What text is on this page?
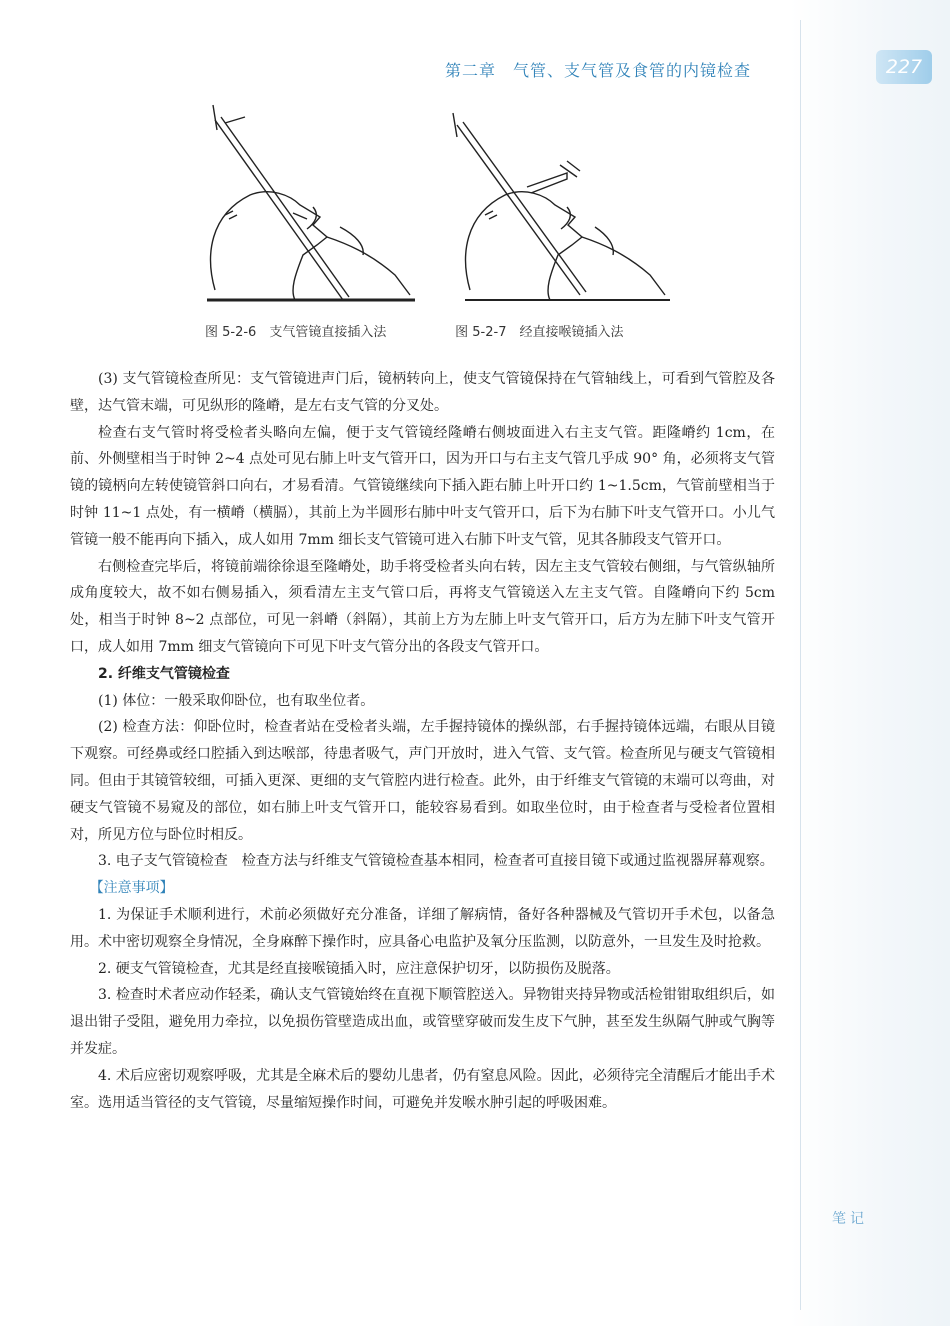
第二章　气管、支气管及食管的内镜检查	227
图 5-2-6　支气管镜直接插入法	图 5-2-7　经直接喉镜插入法

(3) 支气管镜检查所见：支气管镜进声门后，镜柄转向上，使支气管镜保持在气管轴线上，可看到气管腔及各壁，达气管末端，可见纵形的隆嵴，是左右支气管的分叉处。

检查右支气管时将受检者头略向左偏，便于支气管镜经隆嵴右侧坡面进入右主支气管。距隆嵴约 1cm，在前、外侧壁相当于时钟 2~4 点处可见右肺上叶支气管开口，因为开口与右主支气管几乎成 90° 角，必须将支气管镜的镜柄向左转使镜管斜口向右，才易看清。气管镜继续向下插入距右肺上叶开口约 1~1.5cm，气管前壁相当于时钟 11~1 点处，有一横嵴（横膈），其前上为半圆形右肺中叶支气管开口，后下为右肺下叶支气管开口。小儿气管镜一般不能再向下插入，成人如用 7mm 细长支气管镜可进入右肺下叶支气管，见其各肺段支气管开口。

右侧检查完毕后，将镜前端徐徐退至隆嵴处，助手将受检者头向右转，因左主支气管较右侧细，与气管纵轴所成角度较大，故不如右侧易插入，须看清左主支气管口后，再将支气管镜送入左主支气管。自隆嵴向下约 5cm 处，相当于时钟 8~2 点部位，可见一斜嵴（斜隔），其前上方为左肺上叶支气管开口，后方为左肺下叶支气管开口，成人如用 7mm 细支气管镜向下可见下叶支气管分出的各段支气管开口。

2. 纤维支气管镜检查

(1) 体位：一般采取仰卧位，也有取坐位者。

(2) 检查方法：仰卧位时，检查者站在受检者头端，左手握持镜体的操纵部，右手握持镜体远端，右眼从目镜下观察。可经鼻或经口腔插入到达喉部，待患者吸气，声门开放时，进入气管、支气管。检查所见与硬支气管镜相同。但由于其镜管较细，可插入更深、更细的支气管腔内进行检查。此外，由于纤维支气管镜的末端可以弯曲，对硬支气管镜不易窥及的部位，如右肺上叶支气管开口，能较容易看到。如取坐位时，由于检查者与受检者位置相对，所见方位与卧位时相反。

3. 电子支气管镜检查　检查方法与纤维支气管镜检查基本相同，检查者可直接目镜下或通过监视器屏幕观察。

【注意事项】

1. 为保证手术顺利进行，术前必须做好充分准备，详细了解病情，备好各种器械及气管切开手术包，以备急用。术中密切观察全身情况，全身麻醉下操作时，应具备心电监护及氧分压监测，以防意外，一旦发生及时抢救。

2. 硬支气管镜检查，尤其是经直接喉镜插入时，应注意保护切牙，以防损伤及脱落。

3. 检查时术者应动作轻柔，确认支气管镜始终在直视下顺管腔送入。异物钳夹持异物或活检钳钳取组织后，如退出钳子受阻，避免用力牵拉，以免损伤管壁造成出血，或管壁穿破而发生皮下气肿，甚至发生纵隔气肿或气胸等并发症。

4. 术后应密切观察呼吸，尤其是全麻术后的婴幼儿患者，仍有窒息风险。因此，必须待完全清醒后才能出手术室。选用适当管径的支气管镜，尽量缩短操作时间，可避免并发喉水肿引起的呼吸困难。

笔记
